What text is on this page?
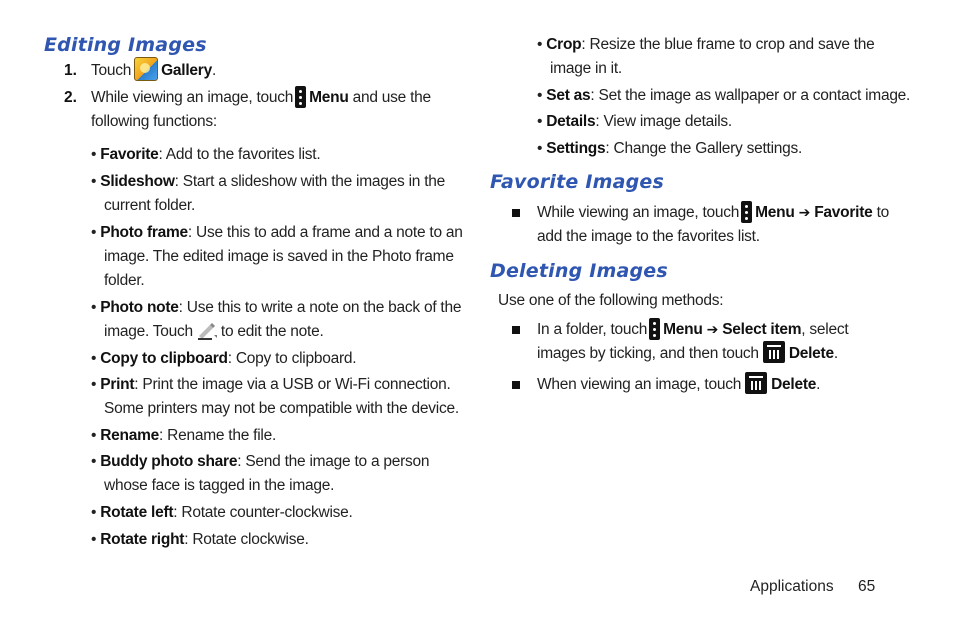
Editing Images
1. Touch Gallery.
2. While viewing an image, touch Menu and use the
following functions:
• Favorite: Add to the favorites list.
• Slideshow: Start a slideshow with the images in the
current folder.
• Photo frame: Use this to add a frame and a note to an
image. The edited image is saved in the Photo frame
folder.
• Photo note: Use this to write a note on the back of the
image. Touch to edit the note.
• Copy to clipboard: Copy to clipboard.
• Print: Print the image via a USB or Wi-Fi connection.
Some printers may not be compatible with the device.
• Rename: Rename the file.
• Buddy photo share: Send the image to a person
whose face is tagged in the image.
• Rotate left: Rotate counter-clockwise.
• Rotate right: Rotate clockwise.
• Crop: Resize the blue frame to crop and save the
image in it.
• Set as: Set the image as wallpaper or a contact image.
• Details: View image details.
• Settings: Change the Gallery settings.
Favorite Images
While viewing an image, touch Menu ➔ Favorite to
add the image to the favorites list.
Deleting Images
Use one of the following methods:
In a folder, touch Menu ➔ Select item, select
images by ticking, and then touch Delete.
When viewing an image, touch Delete.
Applications 65
